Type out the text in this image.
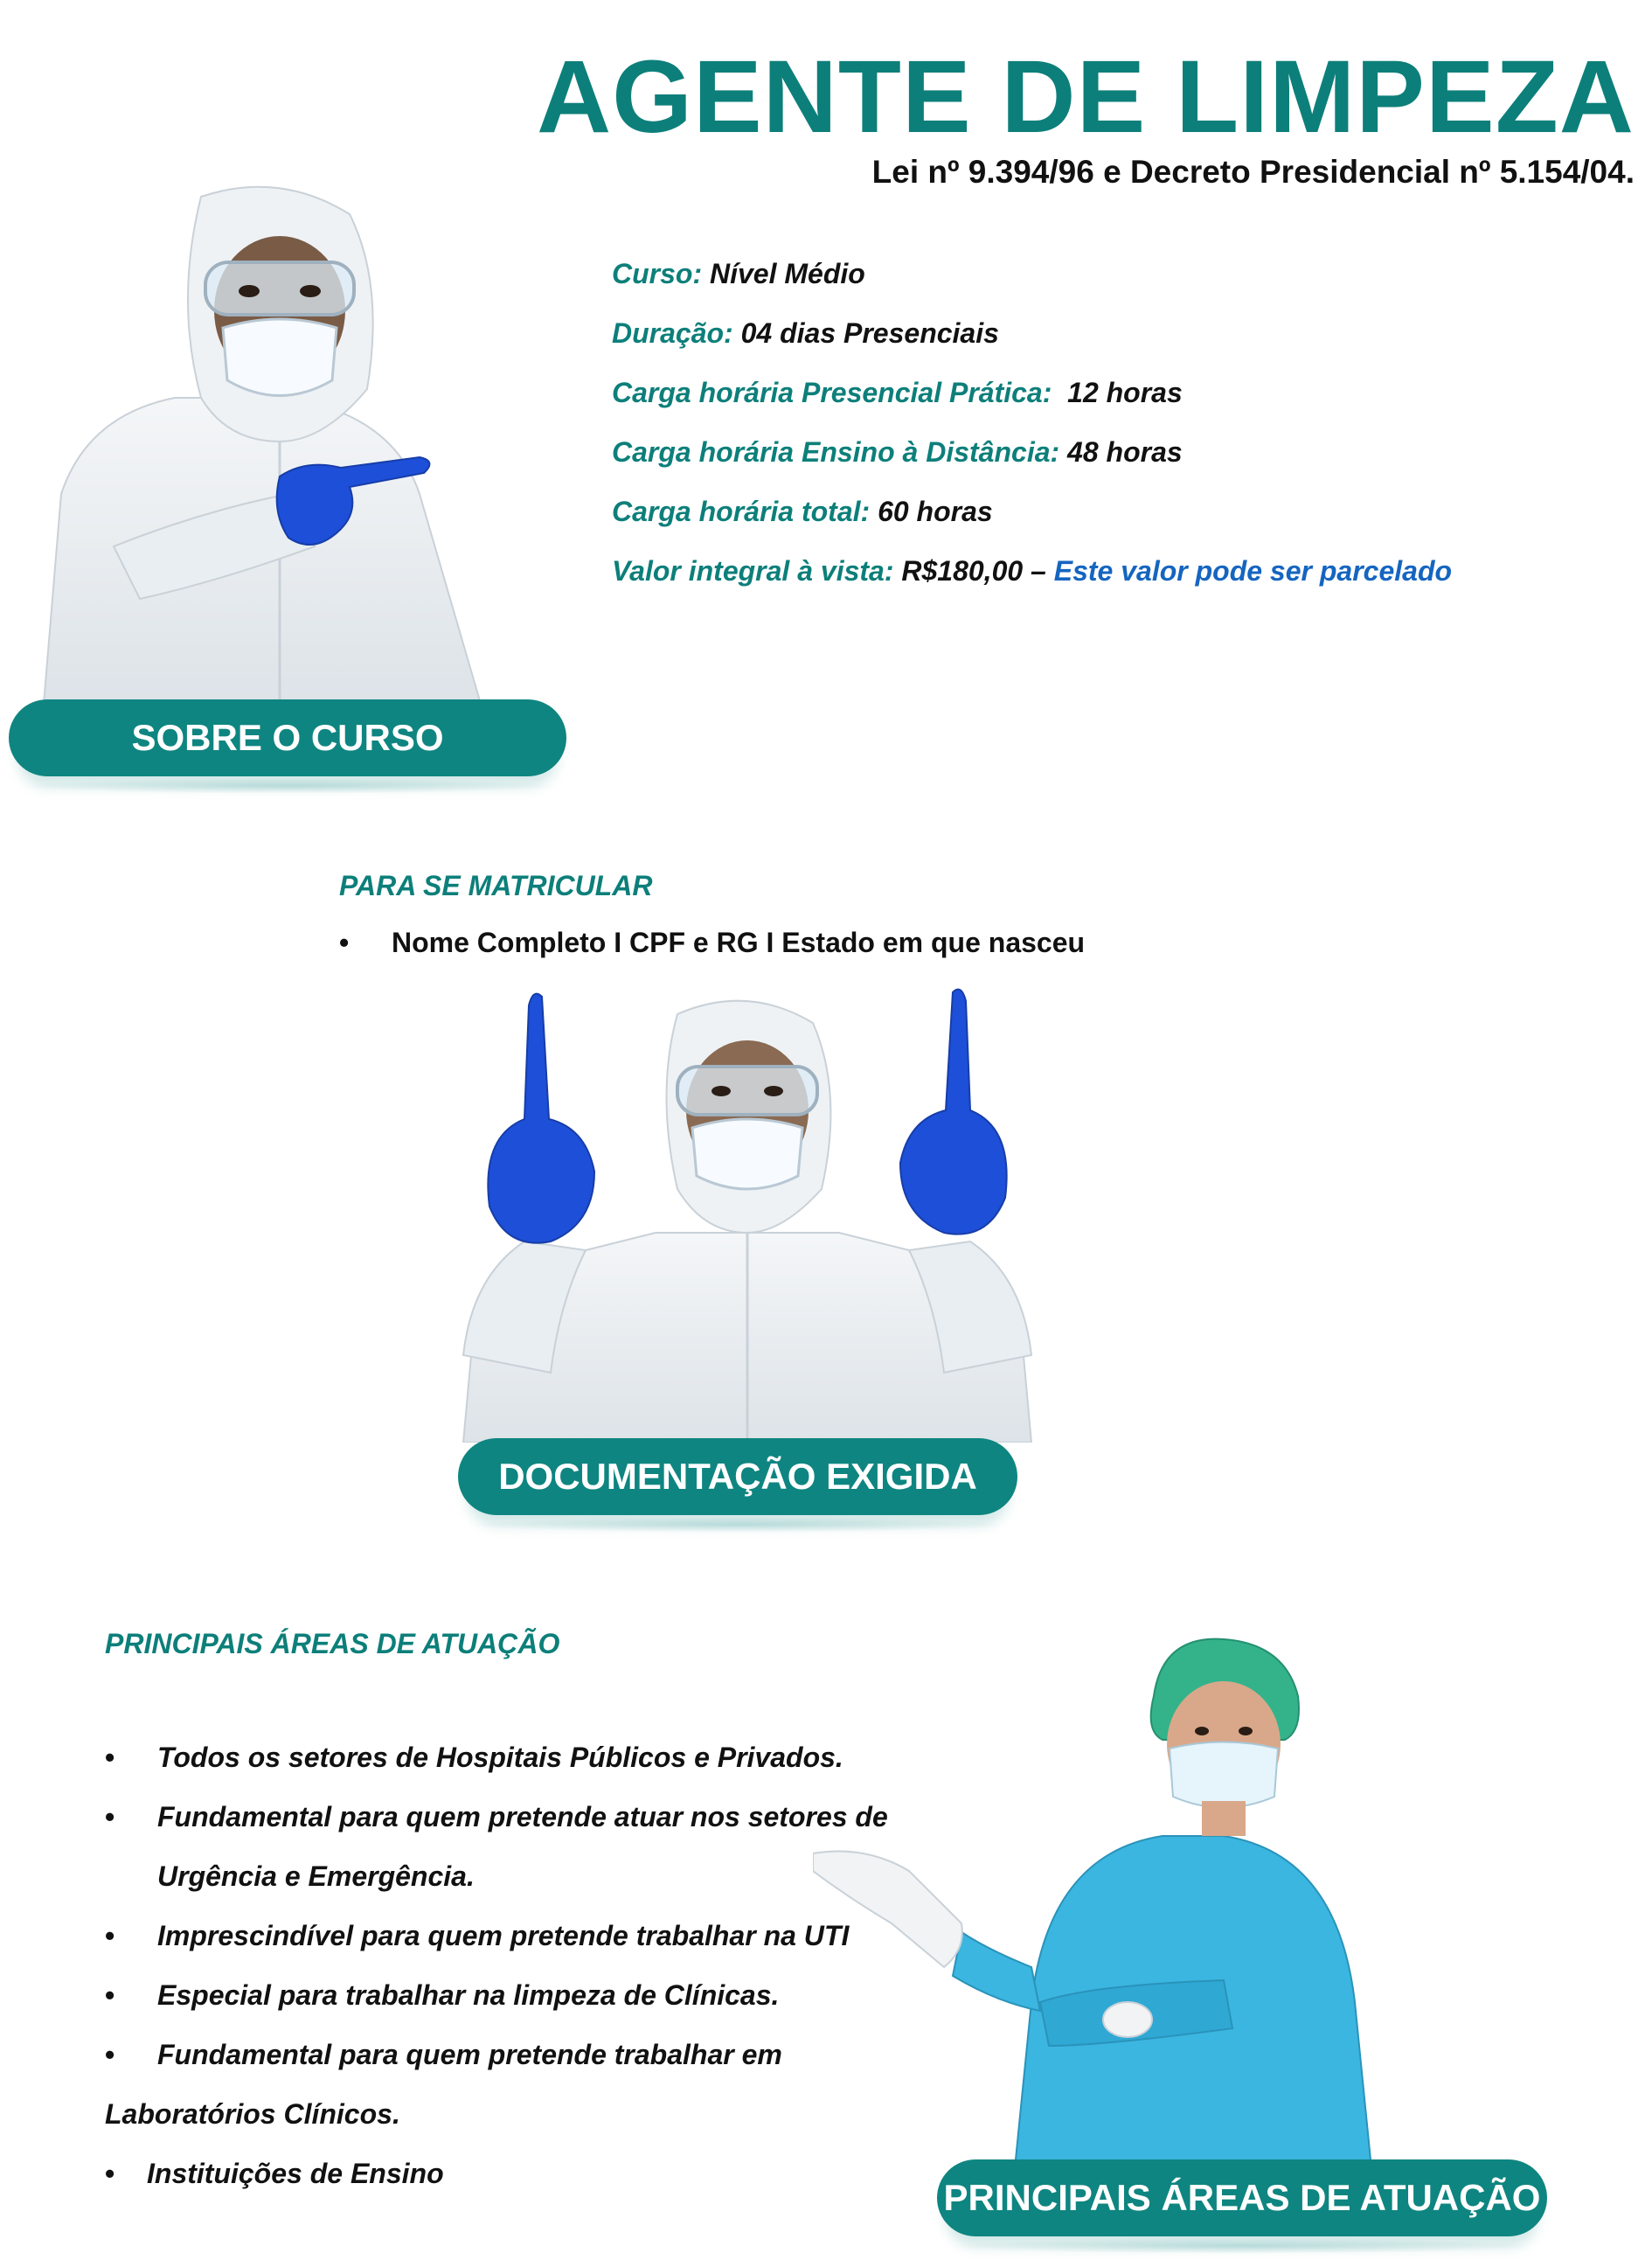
AGENTE DE LIMPEZA
Lei nº 9.394/96 e Decreto Presidencial nº 5.154/04.
Curso: Nível Médio
Duração: 04 dias Presenciais
Carga horária Presencial Prática:  12 horas
Carga horária Ensino à Distância: 48 horas
Carga horária total: 60 horas
Valor integral à vista: R$180,00 – Este valor pode ser parcelado
SOBRE O CURSO
PARA SE MATRICULAR
• Nome Completo I CPF e RG I Estado em que nasceu
DOCUMENTAÇÃO EXIGIDA
PRINCIPAIS ÁREAS DE ATUAÇÃO
• Todos os setores de Hospitais Públicos e Privados.
• Fundamental para quem pretende atuar nos setores de
Urgência e Emergência.
• Imprescindível para quem pretende trabalhar na UTI
• Especial para trabalhar na limpeza de Clínicas.
• Fundamental para quem pretende trabalhar em
Laboratórios Clínicos.
• Instituições de Ensino
PRINCIPAIS ÁREAS DE ATUAÇÃO
